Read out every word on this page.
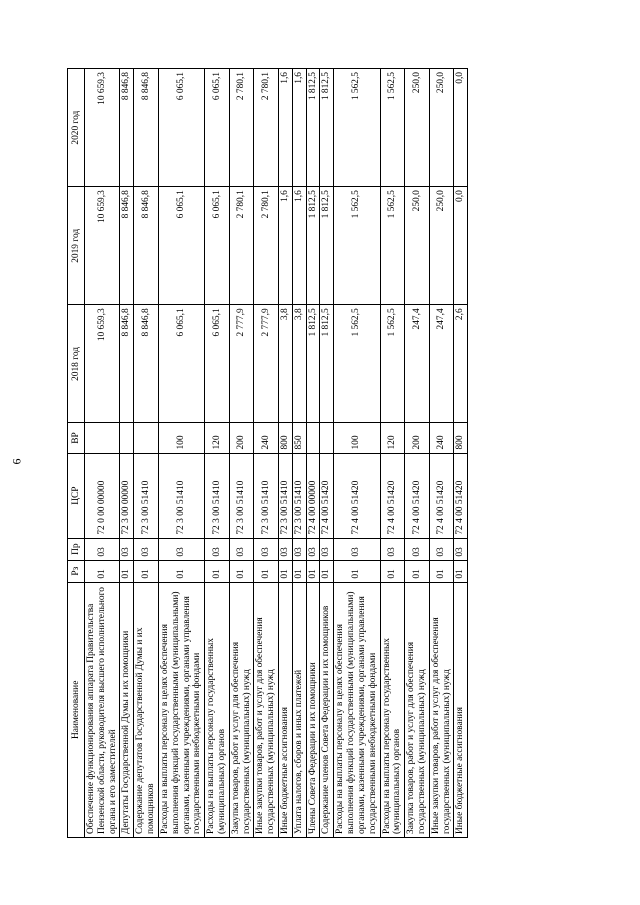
6
Наименование	Рз	Пр	ЦСР	ВР	2018 год	2019 год	2020 год
Обеспечение функционирования аппарата Правительства Пензенской области, руководителя высшего исполнительного органа и его заместителей	01	03	72 0 00 00000		10 659,3	10 659,3	10 659,3
Депутаты Государственной Думы и их помощники	01	03	72 3 00 00000		8 846,8	8 846,8	8 846,8
Содержание депутатов Государственной Думы и их помощников	01	03	72 3 00 51410		8 846,8	8 846,8	8 846,8
Расходы на выплаты персоналу в целях обеспечения выполнения функций государственными (муниципальными) органами, казенными учреждениями, органами управления государственными внебюджетными фондами	01	03	72 3 00 51410	100	6 065,1	6 065,1	6 065,1
Расходы на выплаты персоналу государственных (муниципальных) органов	01	03	72 3 00 51410	120	6 065,1	6 065,1	6 065,1
Закупка товаров, работ и услуг для обеспечения государственных (муниципальных) нужд	01	03	72 3 00 51410	200	2 777,9	2 780,1	2 780,1
Иные закупки товаров, работ и услуг для обеспечения государственных (муниципальных) нужд	01	03	72 3 00 51410	240	2 777,9	2 780,1	2 780,1
Иные бюджетные ассигнования	01	03	72 3 00 51410	800	3,8	1,6	1,6
Уплата налогов, сборов и иных платежей	01	03	72 3 00 51410	850	3,8	1,6	1,6
Члены Совета Федерации и их помощники	01	03	72 4 00 00000		1 812,5	1 812,5	1 812,5
Содержание членов Совета Федерации и их помощников	01	03	72 4 00 51420		1 812,5	1 812,5	1 812,5
Расходы на выплаты персоналу в целях обеспечения выполнения функций государственными (муниципальными) органами, казенными учреждениями, органами управления государственными внебюджетными фондами	01	03	72 4 00 51420	100	1 562,5	1 562,5	1 562,5
Расходы на выплаты персоналу государственных (муниципальных) органов	01	03	72 4 00 51420	120	1 562,5	1 562,5	1 562,5
Закупка товаров, работ и услуг для обеспечения государственных (муниципальных) нужд	01	03	72 4 00 51420	200	247,4	250,0	250,0
Иные закупки товаров, работ и услуг для обеспечения государственных (муниципальных) нужд	01	03	72 4 00 51420	240	247,4	250,0	250,0
Иные бюджетные ассигнования	01	03	72 4 00 51420	800	2,6	0,0	0,0
